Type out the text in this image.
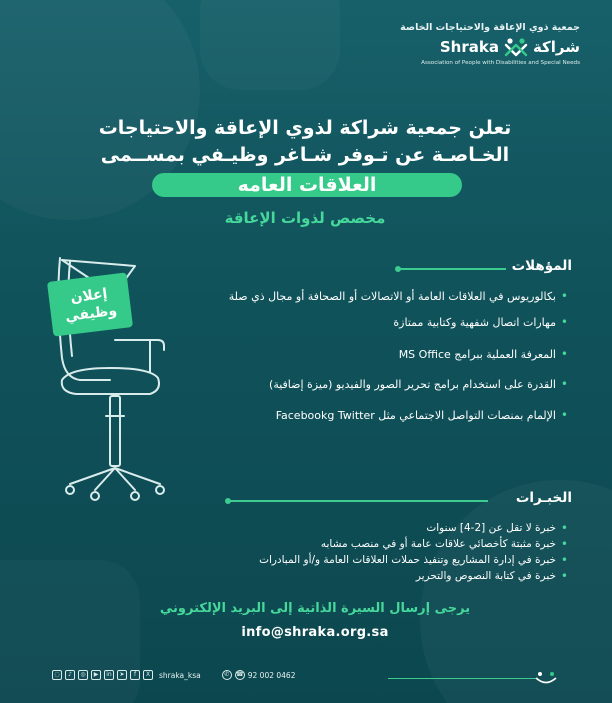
جمعية ذوي الإعاقة والاحتياجات الخاصة
Shraka شراكة
Association of People with Disabilities and Special Needs
تعلن جمعية شراكة لذوي الإعاقة والاحتياجات
الخـاصـة عن تـوفر شـاغر وظيـفي بمســمى
العلاقات العامه
مخصص لذوات الإعاقة
إعلان
وظيفي
المؤهلات
• بكالوريوس في العلاقات العامة أو الاتصالات أو الصحافة أو مجال ذي صلة
• مهارات اتصال شفهية وكتابية ممتازة
• المعرفة العملية ببرامج MS Office
• القدرة على استخدام برامج تحرير الصور والفيديو (ميزة إضافية)
• الإلمام بمنصات التواصل الاجتماعي مثل Facebookg Twitter
الخبـرات
• خبرة لا تقل عن [2-4] سنوات
• خبرة مثبتة كأخصائي علاقات عامة أو في منصب مشابه
• خبرة في إدارة المشاريع وتنفيذ حملات العلاقات العامة و/أو المبادرات
• خبرة في كتابة النصوص والتحرير
يرجى إرسال السيرة الذاتية إلى البريد الإلكتروني
info@shraka.org.sa
◌	♪	◎	▶	in	➤	f	X	shraka_ksa	✆	☎ 92 002 0462
